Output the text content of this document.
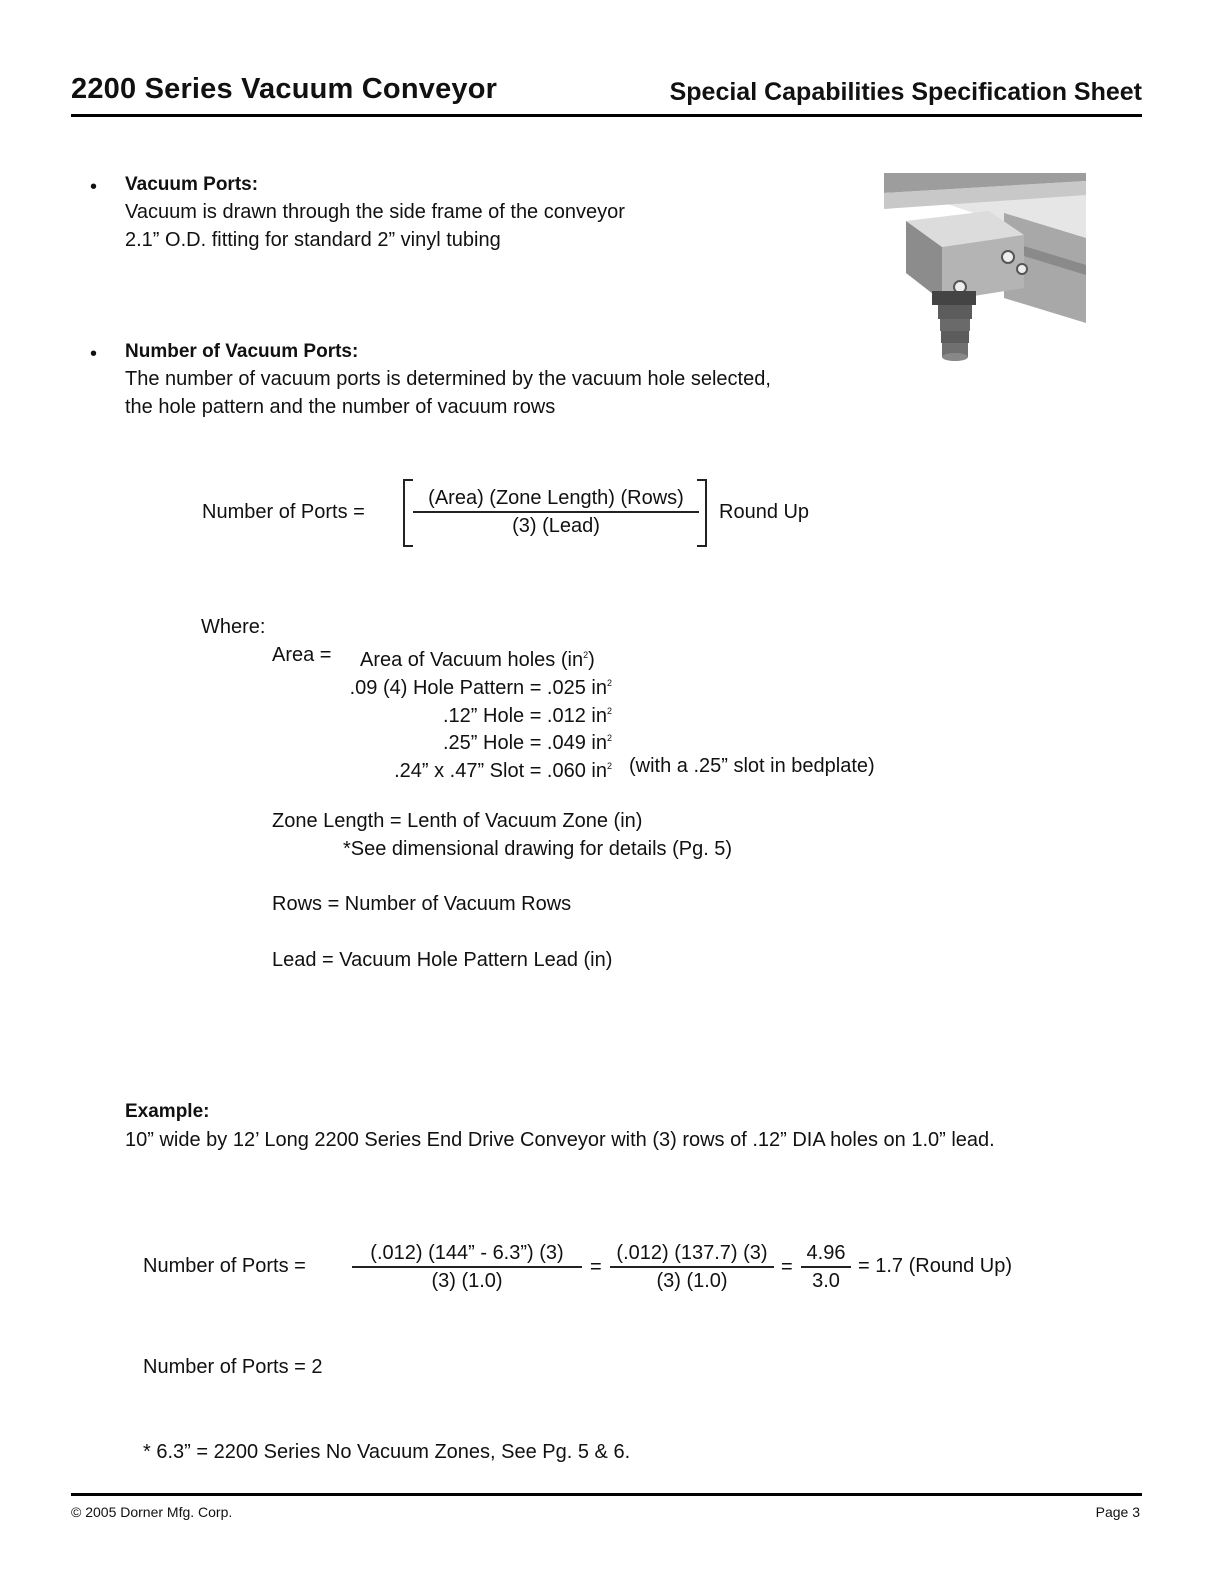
2200 Series Vacuum Conveyor	Special Capabilities Specification Sheet
• Vacuum Ports:
Vacuum is drawn through the side frame of the conveyor
2.1” O.D. fitting for standard 2” vinyl tubing
• Number of Vacuum Ports:
The number of vacuum ports is determined by the vacuum hole selected,
the hole pattern and the number of vacuum rows
Number of Ports =
(Area) (Zone Length) (Rows)
(3) (Lead)
Round Up
Where:
Area = Area of Vacuum holes $(in^2)$
.09 (4) Hole Pattern = .025 $in^2$
.12” Hole = .012 $in^2$
.25” Hole = .049 $in^2$
.24” x .47” Slot = .060 $in^2$ (with a .25” slot in bedplate)
Zone Length = Lenth of Vacuum Zone (in)
*See dimensional drawing for details (Pg. 5)
Rows = Number of Vacuum Rows
Lead = Vacuum Hole Pattern Lead (in)
Example:
10” wide by 12’ Long 2200 Series End Drive Conveyor with (3) rows of .12” DIA holes on 1.0” lead.
Number of Ports =
(.012) (144” - 6.3”) (3)
(3) (1.0)
=
(.012) (137.7) (3)
(3) (1.0)
=
4.96
3.0
= 1.7 (Round Up)
Number of Ports = 2
* 6.3” = 2200 Series No Vacuum Zones, See Pg. 5 & 6.
© 2005 Dorner Mfg. Corp.	Page 3
